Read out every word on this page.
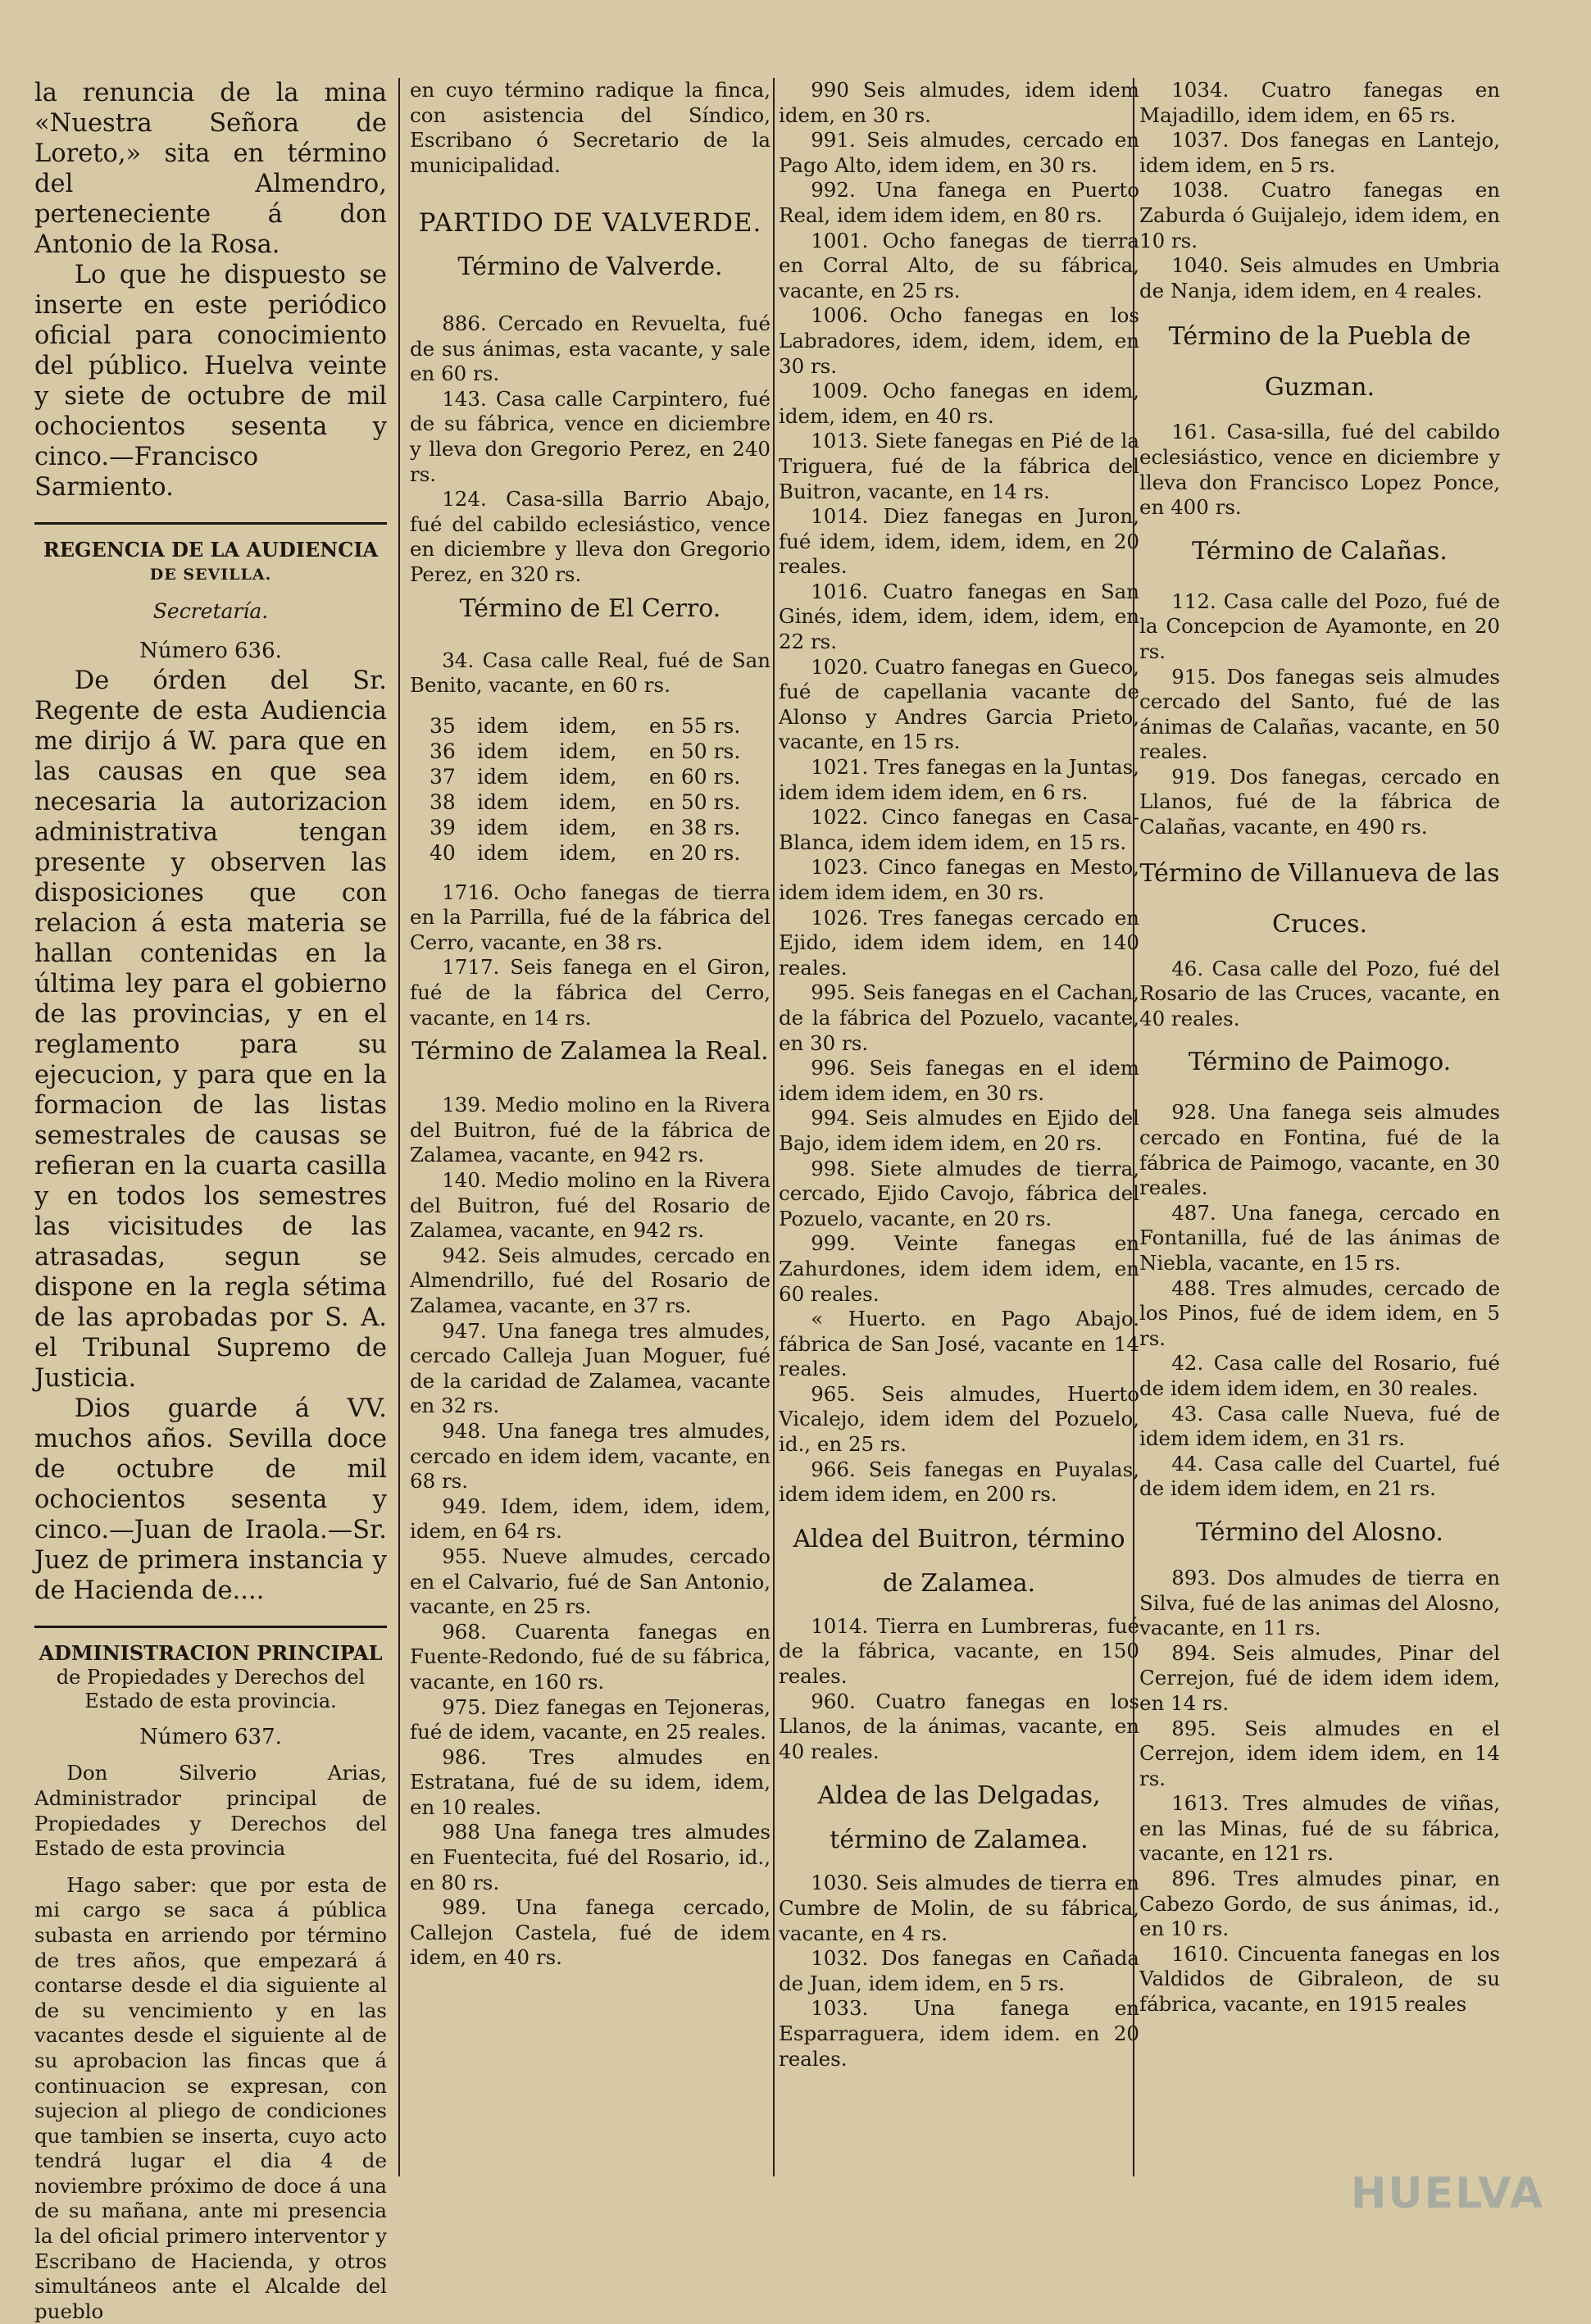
la renuncia de la mina «Nuestra Señora de Loreto,» sita en término del Almendro, perteneciente á don Antonio de la Rosa.

Lo que he dispuesto se inserte en este periódico oficial para conocimiento del público. Huelva veinte y siete de octubre de mil ochocientos sesenta y cinco.—Francisco Sarmiento.

REGENCIA DE LA AUDIENCIA
DE SEVILLA.
Secretaría.
Número 636.

De órden del Sr. Regente de esta Audiencia me dirijo á W. para que en las causas en que sea necesaria la autorizacion administrativa tengan presente y observen las disposiciones que con relacion á esta materia se hallan contenidas en la última ley para el gobierno de las provincias, y en el reglamento para su ejecucion, y para que en la formacion de las listas semestrales de causas se refieran en la cuarta casilla y en todos los semestres las vicisitudes de las atrasadas, segun se dispone en la regla sétima de las aprobadas por S. A. el Tribunal Supremo de Justicia.

Dios guarde á VV. muchos años. Sevilla doce de octubre de mil ochocientos sesenta y cinco.—Juan de Iraola.—Sr. Juez de primera instancia y de Hacienda de....

ADMINISTRACION PRINCIPAL
de Propiedades y Derechos del Estado de esta provincia.
Número 637.

Don Silverio Arias, Administrador principal de Propiedades y Derechos del Estado de esta provincia

Hago saber: que por esta de mi cargo se saca á pública subasta en arriendo por término de tres años, que empezará á contarse desde el dia siguiente al de su vencimiento y en las vacantes desde el siguiente al de su aprobacion las fincas que á continuacion se expresan, con sujecion al pliego de condiciones que tambien se inserta, cuyo acto tendrá lugar el dia 4 de noviembre próximo de doce á una de su mañana, ante mi presencia la del oficial primero interventor y Escribano de Hacienda, y otros simultáneos ante el Alcalde del pueblo

en cuyo término radique la finca, con asistencia del Síndico, Escribano ó Secretario de la municipalidad.

PARTIDO DE VALVERDE.
Término de Valverde.

886. Cercado en Revuelta, fué de sus ánimas, esta vacante, y sale en 60 rs.

143. Casa calle Carpintero, fué de su fábrica, vence en diciembre y lleva don Gregorio Perez, en 240 rs.

124. Casa-silla Barrio Abajo, fué del cabildo eclesiástico, vence en diciembre y lleva don Gregorio Perez, en 320 rs.

Término de El Cerro.

34. Casa calle Real, fué de San Benito, vacante, en 60 rs.

35	idem	idem,	en 55 rs.
36	idem	idem,	en 50 rs.
37	idem	idem,	en 60 rs.
38	idem	idem,	en 50 rs.
39	idem	idem,	en 38 rs.
40	idem	idem,	en 20 rs.

1716. Ocho fanegas de tierra en la Parrilla, fué de la fábrica del Cerro, vacante, en 38 rs.

1717. Seis fanega en el Giron, fué de la fábrica del Cerro, vacante, en 14 rs.

Término de Zalamea la Real.

139. Medio molino en la Rivera del Buitron, fué de la fábrica de Zalamea, vacante, en 942 rs.

140. Medio molino en la Rivera del Buitron, fué del Rosario de Zalamea, vacante, en 942 rs.

942. Seis almudes, cercado en Almendrillo, fué del Rosario de Zalamea, vacante, en 37 rs.

947. Una fanega tres almudes, cercado Calleja Juan Moguer, fué de la caridad de Zalamea, vacante en 32 rs.

948. Una fanega tres almudes, cercado en idem idem, vacante, en 68 rs.

949. Idem, idem, idem, idem, idem, en 64 rs.

955. Nueve almudes, cercado en el Calvario, fué de San Antonio, vacante, en 25 rs.

968. Cuarenta fanegas en Fuente-Redondo, fué de su fábrica, vacante, en 160 rs.

975. Diez fanegas en Tejoneras, fué de idem, vacante, en 25 reales.

986. Tres almudes en Estratana, fué de su idem, idem, en 10 reales.

988 Una fanega tres almudes en Fuentecita, fué del Rosario, id., en 80 rs.

989. Una fanega cercado, Callejon Castela, fué de idem idem, en 40 rs.

990 Seis almudes, idem idem idem, en 30 rs.

991. Seis almudes, cercado en Pago Alto, idem idem, en 30 rs.

992. Una fanega en Puerto Real, idem idem idem, en 80 rs.

1001. Ocho fanegas de tierra en Corral Alto, de su fábrica, vacante, en 25 rs.

1006. Ocho fanegas en los Labradores, idem, idem, idem, en 30 rs.

1009. Ocho fanegas en idem, idem, idem, en 40 rs.

1013. Siete fanegas en Pié de la Triguera, fué de la fábrica del Buitron, vacante, en 14 rs.

1014. Diez fanegas en Juron, fué idem, idem, idem, idem, en 20 reales.

1016. Cuatro fanegas en San Ginés, idem, idem, idem, idem, en 22 rs.

1020. Cuatro fanegas en Gueco, fué de capellania vacante de Alonso y Andres Garcia Prieto, vacante, en 15 rs.

1021. Tres fanegas en la Juntas, idem idem idem idem, en 6 rs.

1022. Cinco fanegas en Casa-Blanca, idem idem idem, en 15 rs.

1023. Cinco fanegas en Mesto, idem idem idem, en 30 rs.

1026. Tres fanegas cercado en Ejido, idem idem idem, en 140 reales.

995. Seis fanegas en el Cachan, de la fábrica del Pozuelo, vacante, en 30 rs.

996. Seis fanegas en el idem idem idem idem, en 30 rs.

994. Seis almudes en Ejido del Bajo, idem idem idem, en 20 rs.

998. Siete almudes de tierra, cercado, Ejido Cavojo, fábrica del Pozuelo, vacante, en 20 rs.

999. Veinte fanegas en Zahurdones, idem idem idem, en 60 reales.

« Huerto. en Pago Abajo. fábrica de San José, vacante en 14 reales.

965. Seis almudes, Huerto Vicalejo, idem idem del Pozuelo, id., en 25 rs.

966. Seis fanegas en Puyalas, idem idem idem, en 200 rs.

Aldea del Buitron, término de Zalamea.

1014. Tierra en Lumbreras, fué de la fábrica, vacante, en 150 reales.

960. Cuatro fanegas en los Llanos, de la ánimas, vacante, en 40 reales.

Aldea de las Delgadas, término de Zalamea.

1030. Seis almudes de tierra en Cumbre de Molin, de su fábrica, vacante, en 4 rs.

1032. Dos fanegas en Cañada de Juan, idem idem, en 5 rs.

1033. Una fanega en Esparraguera, idem idem. en 20 reales.

1034. Cuatro fanegas en Majadillo, idem idem, en 65 rs.

1037. Dos fanegas en Lantejo, idem idem, en 5 rs.

1038. Cuatro fanegas en Zaburda ó Guijalejo, idem idem, en 10 rs.

1040. Seis almudes en Umbria de Nanja, idem idem, en 4 reales.

Término de la Puebla de Guzman.

161. Casa-silla, fué del cabildo eclesiástico, vence en diciembre y lleva don Francisco Lopez Ponce, en 400 rs.

Término de Calañas.

112. Casa calle del Pozo, fué de la Concepcion de Ayamonte, en 20 rs.

915. Dos fanegas seis almudes cercado del Santo, fué de las ánimas de Calañas, vacante, en 50 reales.

919. Dos fanegas, cercado en Llanos, fué de la fábrica de Calañas, vacante, en 490 rs.

Término de Villanueva de las Cruces.

46. Casa calle del Pozo, fué del Rosario de las Cruces, vacante, en 40 reales.

Término de Paimogo.

928. Una fanega seis almudes cercado en Fontina, fué de la fábrica de Paimogo, vacante, en 30 reales.

487. Una fanega, cercado en Fontanilla, fué de las ánimas de Niebla, vacante, en 15 rs.

488. Tres almudes, cercado de los Pinos, fué de idem idem, en 5 rs.

42. Casa calle del Rosario, fué de idem idem idem, en 30 reales.

43. Casa calle Nueva, fué de idem idem idem, en 31 rs.

44. Casa calle del Cuartel, fué de idem idem idem, en 21 rs.

Término del Alosno.

893. Dos almudes de tierra en Silva, fué de las animas del Alosno, vacante, en 11 rs.

894. Seis almudes, Pinar del Cerrejon, fué de idem idem idem, en 14 rs.

895. Seis almudes en el Cerrejon, idem idem idem, en 14 rs.

1613. Tres almudes de viñas, en las Minas, fué de su fábrica, vacante, en 121 rs.

896. Tres almudes pinar, en Cabezo Gordo, de sus ánimas, id., en 10 rs.

1610. Cincuenta fanegas en los Valdidos de Gibraleon, de su fábrica, vacante, en 1915 reales

HUELVA
